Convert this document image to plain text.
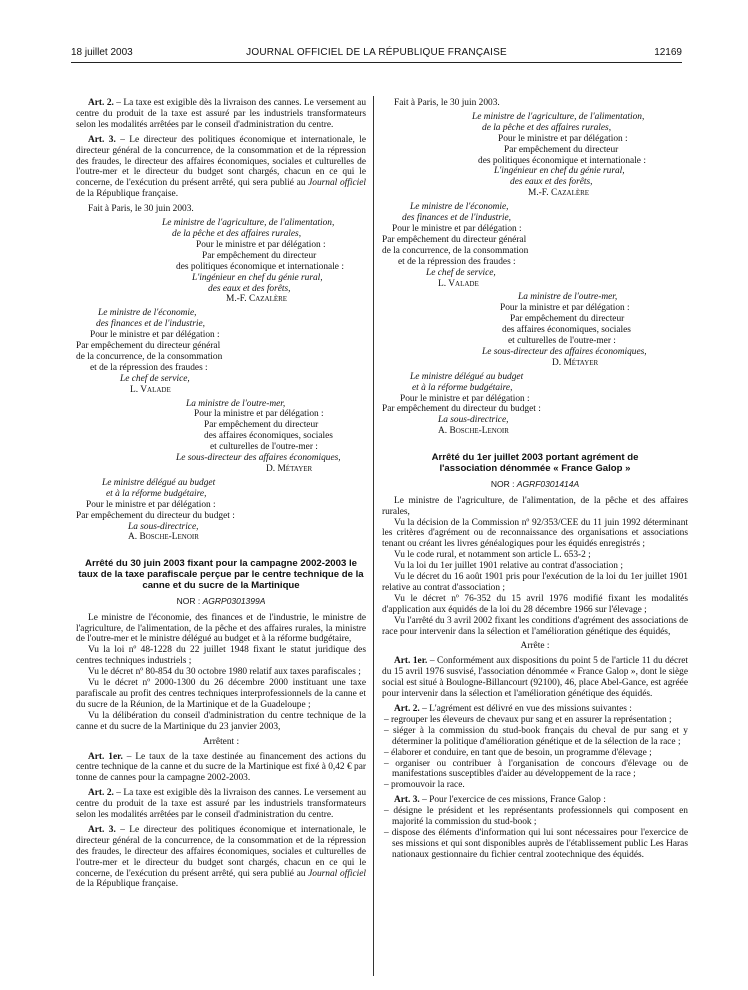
18 juillet 2003	JOURNAL OFFICIEL DE LA RÉPUBLIQUE FRANÇAISE	12169

Art. 2. – La taxe est exigible dès la livraison des cannes. Le versement au centre du produit de la taxe est assuré par les industriels transformateurs selon les modalités arrêtées par le conseil d'administration du centre.

Art. 3. – Le directeur des politiques économique et internationale, le directeur général de la concurrence, de la consommation et de la répression des fraudes, le directeur des affaires économiques, sociales et culturelles de l'outre-mer et le directeur du budget sont chargés, chacun en ce qui le concerne, de l'exécution du présent arrêté, qui sera publié au Journal officiel de la République française.

Fait à Paris, le 30 juin 2003.

Le ministre de l'agriculture, de l'alimentation,

de la pêche et des affaires rurales,

Pour le ministre et par délégation :

Par empêchement du directeur

des politiques économique et internationale :

L'ingénieur en chef du génie rural,

des eaux et des forêts,

M.-F. Cazalère

Le ministre de l'économie,

des finances et de l'industrie,

Pour le ministre et par délégation :

Par empêchement du directeur général

de la concurrence, de la consommation

et de la répression des fraudes :

Le chef de service,

L. Valade

La ministre de l'outre-mer,

Pour la ministre et par délégation :

Par empêchement du directeur

des affaires économiques, sociales

et culturelles de l'outre-mer :

Le sous-directeur des affaires économiques,

D. Métayer

Le ministre délégué au budget

et à la réforme budgétaire,

Pour le ministre et par délégation :

Par empêchement du directeur du budget :

La sous-directrice,

A. Bosche-Lenoir

Arrêté du 30 juin 2003 fixant pour la campagne 2002-2003 le taux de la taxe parafiscale perçue par le centre technique de la canne et du sucre de la Martinique

NOR : AGRP0301399A

Le ministre de l'économie, des finances et de l'industrie, le ministre de l'agriculture, de l'alimentation, de la pêche et des affaires rurales, la ministre de l'outre-mer et le ministre délégué au budget et à la réforme budgétaire,

Vu la loi nº 48-1228 du 22 juillet 1948 fixant le statut juridique des centres techniques industriels ;

Vu le décret nº 80-854 du 30 octobre 1980 relatif aux taxes parafiscales ;

Vu le décret nº 2000-1300 du 26 décembre 2000 instituant une taxe parafiscale au profit des centres techniques interprofessionnels de la canne et du sucre de la Réunion, de la Martinique et de la Guadeloupe ;

Vu la délibération du conseil d'administration du centre technique de la canne et du sucre de la Martinique du 23 janvier 2003,

Arrêtent :

Art. 1er. – Le taux de la taxe destinée au financement des actions du centre technique de la canne et du sucre de la Martinique est fixé à 0,42 € par tonne de cannes pour la campagne 2002-2003.

Art. 2. – La taxe est exigible dès la livraison des cannes. Le versement au centre du produit de la taxe est assuré par les industriels transformateurs selon les modalités arrêtées par le conseil d'administration du centre.

Art. 3. – Le directeur des politiques économique et internationale, le directeur général de la concurrence, de la consommation et de la répression des fraudes, le directeur des affaires économiques, sociales et culturelles de l'outre-mer et le directeur du budget sont chargés, chacun en ce qui le concerne, de l'exécution du présent arrêté, qui sera publié au Journal officiel de la République française.

Fait à Paris, le 30 juin 2003.

Le ministre de l'agriculture, de l'alimentation,

de la pêche et des affaires rurales,

Pour le ministre et par délégation :

Par empêchement du directeur

des politiques économique et internationale :

L'ingénieur en chef du génie rural,

des eaux et des forêts,

M.-F. Cazalère

Le ministre de l'économie,

des finances et de l'industrie,

Pour le ministre et par délégation :

Par empêchement du directeur général

de la concurrence, de la consommation

et de la répression des fraudes :

Le chef de service,

L. Valade

La ministre de l'outre-mer,

Pour la ministre et par délégation :

Par empêchement du directeur

des affaires économiques, sociales

et culturelles de l'outre-mer :

Le sous-directeur des affaires économiques,

D. Métayer

Le ministre délégué au budget

et à la réforme budgétaire,

Pour le ministre et par délégation :

Par empêchement du directeur du budget :

La sous-directrice,

A. Bosche-Lenoir

Arrêté du 1er juillet 2003 portant agrément de l'association dénommée « France Galop »

NOR : AGRF0301414A

Le ministre de l'agriculture, de l'alimentation, de la pêche et des affaires rurales,

Vu la décision de la Commission nº 92/353/CEE du 11 juin 1992 déterminant les critères d'agrément ou de reconnaissance des organisations et associations tenant ou créant les livres généalogiques pour les équidés enregistrés ;

Vu le code rural, et notamment son article L. 653-2 ;

Vu la loi du 1er juillet 1901 relative au contrat d'association ;

Vu le décret du 16 août 1901 pris pour l'exécution de la loi du 1er juillet 1901 relative au contrat d'association ;

Vu le décret nº 76-352 du 15 avril 1976 modifié fixant les modalités d'application aux équidés de la loi du 28 décembre 1966 sur l'élevage ;

Vu l'arrêté du 3 avril 2002 fixant les conditions d'agrément des associations de race pour intervenir dans la sélection et l'amélioration génétique des équidés,

Arrête :

Art. 1er. – Conformément aux dispositions du point 5 de l'article 11 du décret du 15 avril 1976 susvisé, l'association dénommée « France Galop », dont le siège social est situé à Boulogne-Billancourt (92100), 46, place Abel-Gance, est agréée pour intervenir dans la sélection et l'amélioration génétique des équidés.

Art. 2. – L'agrément est délivré en vue des missions suivantes :

– regrouper les éleveurs de chevaux pur sang et en assurer la représentation ;

– siéger à la commission du stud-book français du cheval de pur sang et y déterminer la politique d'amélioration génétique et de la sélection de la race ;

– élaborer et conduire, en tant que de besoin, un programme d'élevage ;

– organiser ou contribuer à l'organisation de concours d'élevage ou de manifestations susceptibles d'aider au développement de la race ;

– promouvoir la race.

Art. 3. – Pour l'exercice de ces missions, France Galop :

– désigne le président et les représentants professionnels qui composent en majorité la commission du stud-book ;

– dispose des éléments d'information qui lui sont nécessaires pour l'exercice de ses missions et qui sont disponibles auprès de l'établissement public Les Haras nationaux gestionnaire du fichier central zootechnique des équidés.
